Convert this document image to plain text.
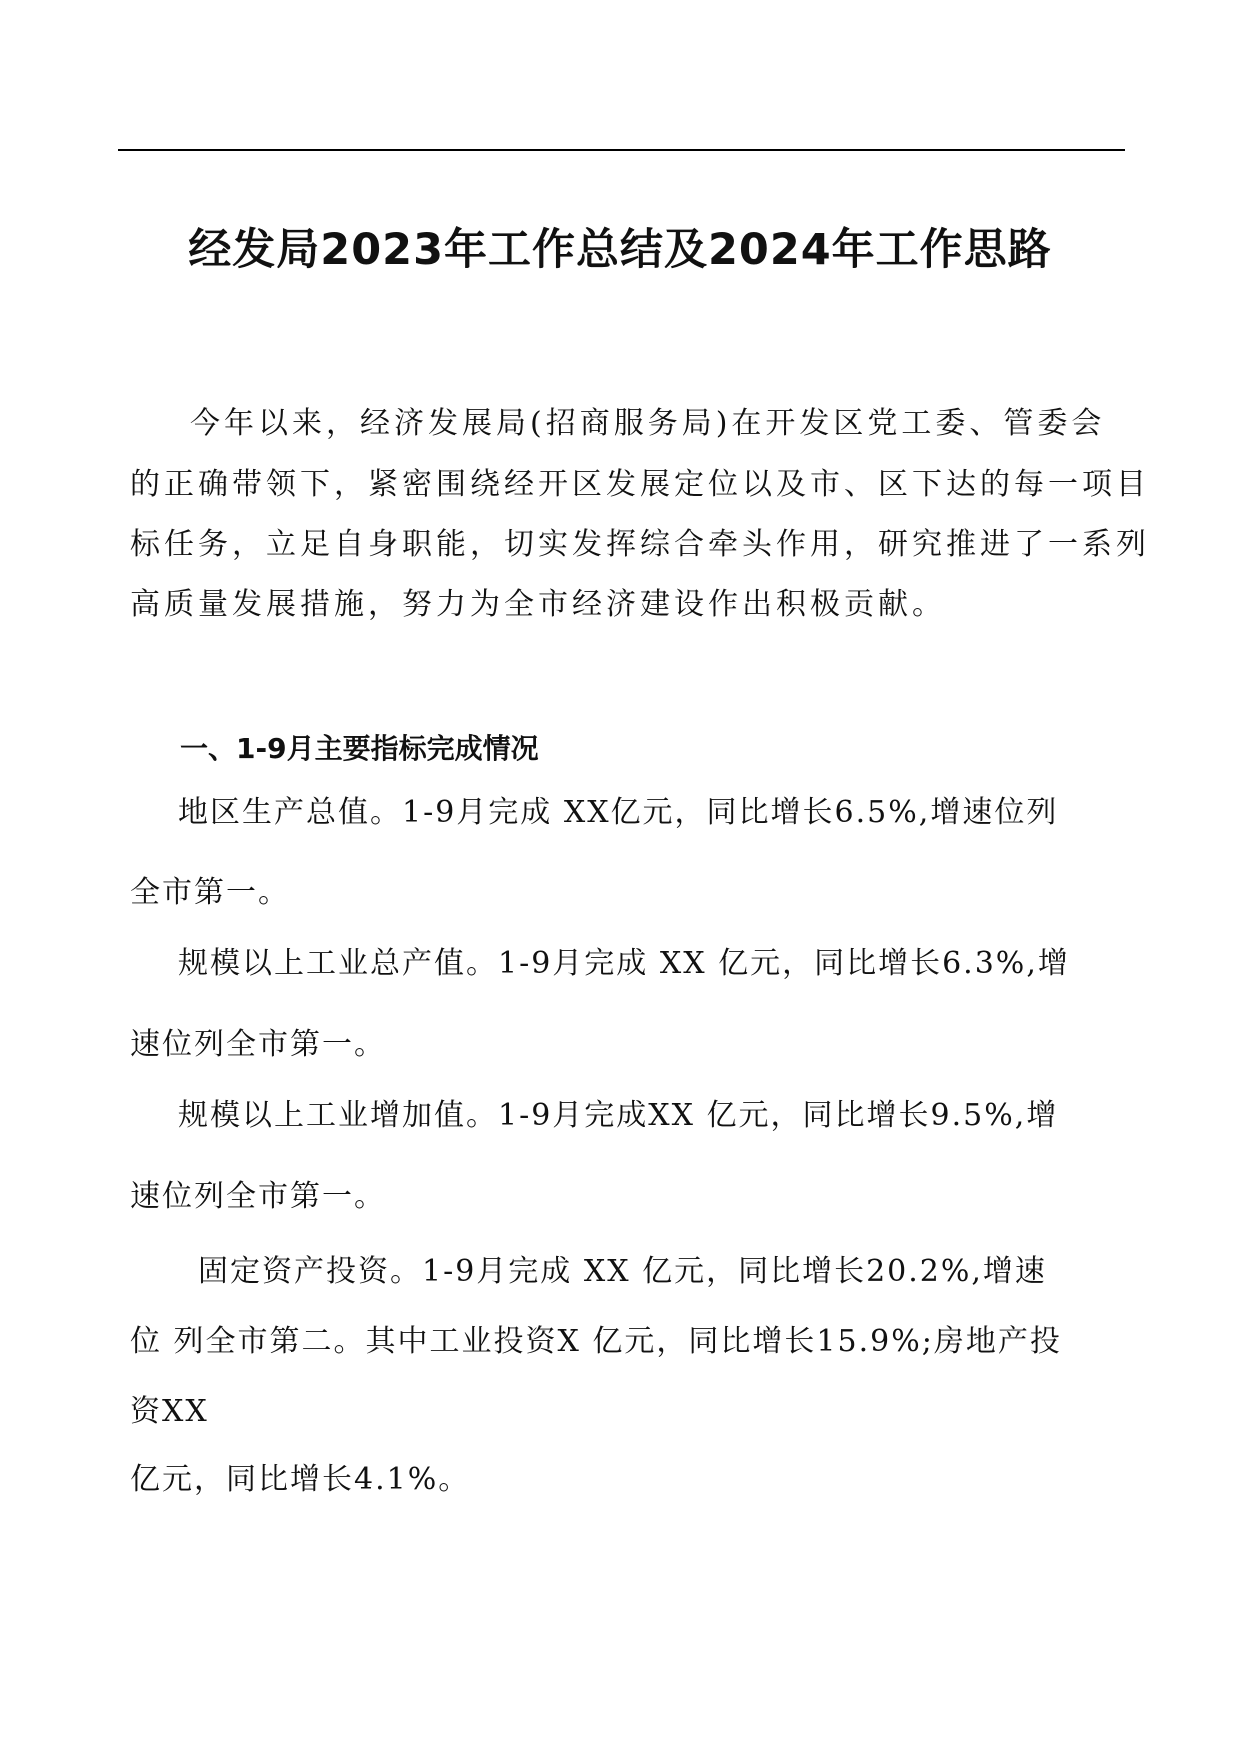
经发局2023年工作总结及2024年工作思路
今年以来，经济发展局(招商服务局)在开发区党工委、管委会
的正确带领下，紧密围绕经开区发展定位以及市、区下达的每一项目
标任务，立足自身职能，切实发挥综合牵头作用，研究推进了一系列
高质量发展措施，努力为全市经济建设作出积极贡献。
一、1-9月主要指标完成情况
地区生产总值。1-9月完成 XX亿元，同比增长6.5%,增速位列
全市第一。
规模以上工业总产值。1-9月完成 XX 亿元，同比增长6.3%,增
速位列全市第一。
规模以上工业增加值。1-9月完成XX 亿元，同比增长9.5%,增
速位列全市第一。
固定资产投资。1-9月完成 XX 亿元，同比增长20.2%,增速
位 列全市第二。其中工业投资X 亿元，同比增长15.9%;房地产投
资XX
亿元，同比增长4.1%。
